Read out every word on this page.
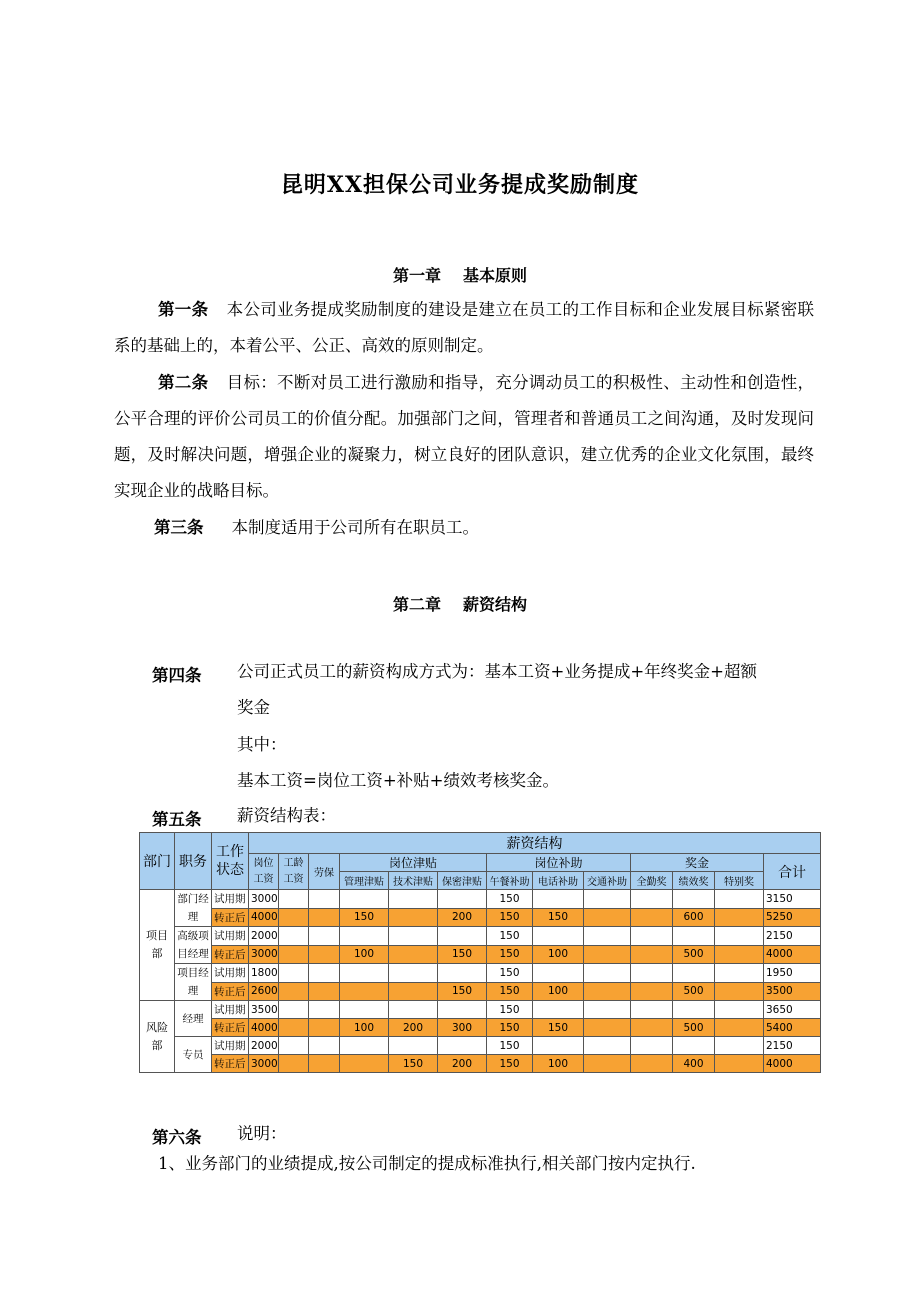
昆明XX担保公司业务提成奖励制度
第一章 基本原则
第一条 本公司业务提成奖励制度的建设是建立在员工的工作目标和企业发展目标紧密联系的基础上的，本着公平、公正、高效的原则制定。
第二条 目标：不断对员工进行激励和指导，充分调动员工的积极性、主动性和创造性，公平合理的评价公司员工的价值分配。加强部门之间，管理者和普通员工之间沟通，及时发现问题，及时解决问题，增强企业的凝聚力，树立良好的团队意识，建立优秀的企业文化氛围，最终实现企业的战略目标。
第三条 本制度适用于公司所有在职员工。
第二章 薪资结构
第四条 公司正式员工的薪资构成方式为：基本工资+业务提成+年终奖金+超额
奖金
其中：
基本工资=岗位工资+补贴+绩效考核奖金。
第五条 薪资结构表：
部门	职务	工作状态	薪资结构												
			岗位工资	工龄工资	劳保	岗位津贴			岗位补助			奖金			合计
						管理津贴	技术津贴	保密津贴	午餐补助	电话补助	交通补助	全勤奖	绩效奖	特别奖	
项目部	部门经理	试用期	3000						150						3150
		转正后	4000			150		200	150	150			600		5250
	高级项目经理	试用期	2000						150						2150
		转正后	3000			100		150	150	100			500		4000
	项目经理	试用期	1800						150						1950
		转正后	2600					150	150	100			500		3500
风险部	经理	试用期	3500						150						3650
		转正后	4000			100	200	300	150	150			500		5400
	专员	试用期	2000						150						2150
		转正后	3000				150	200	150	100			400		4000
第六条 说明：
1、业务部门的业绩提成,按公司制定的提成标准执行,相关部门按内定执行.
